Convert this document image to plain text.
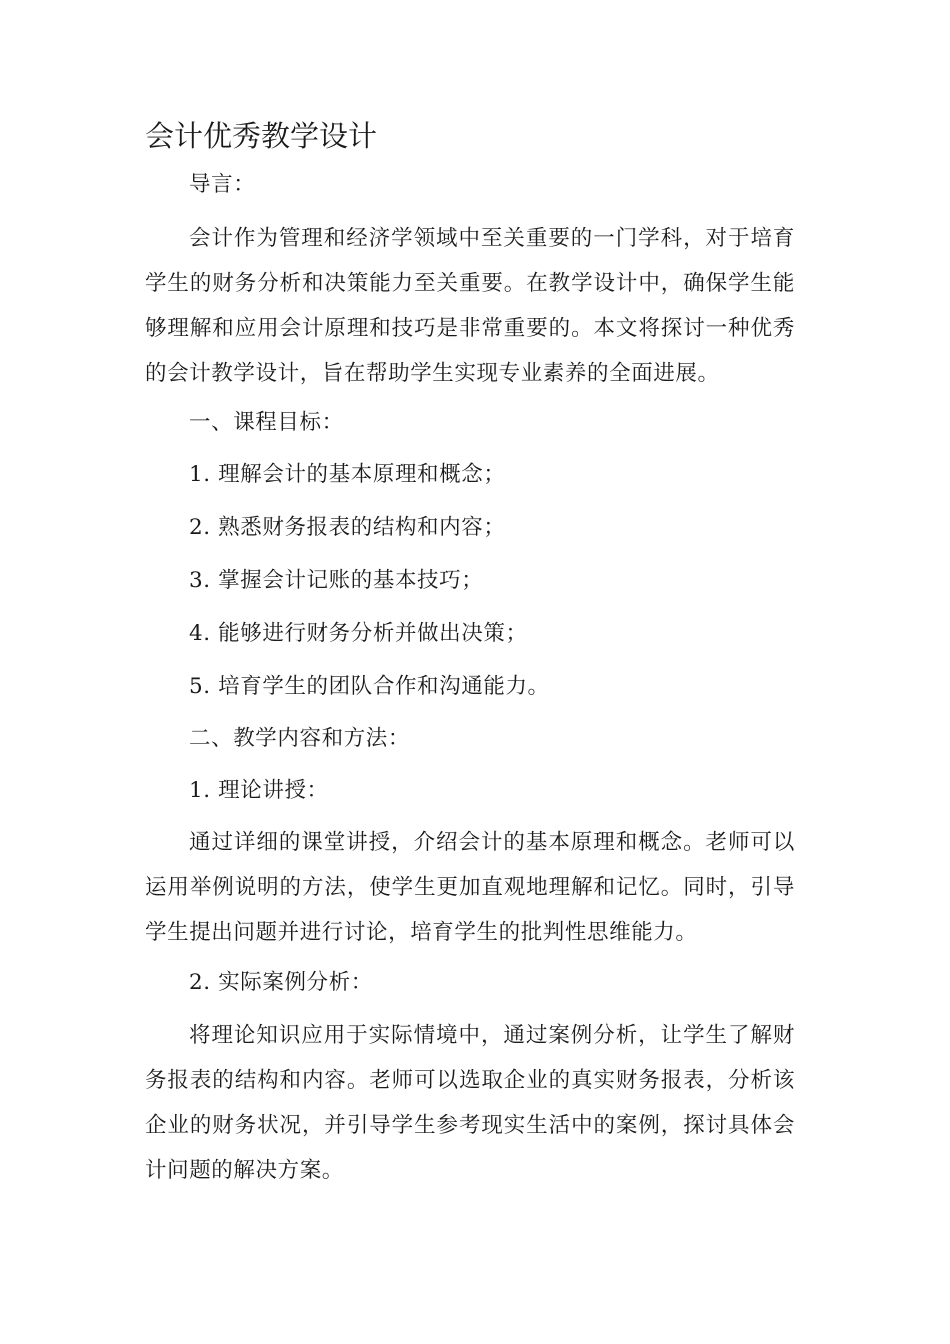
会计优秀教学设计
导言：
会计作为管理和经济学领域中至关重要的一门学科，对于培育学生的财务分析和决策能力至关重要。在教学设计中，确保学生能够理解和应用会计原理和技巧是非常重要的。本文将探讨一种优秀的会计教学设计，旨在帮助学生实现专业素养的全面进展。
一、课程目标：
1. 理解会计的基本原理和概念；
2. 熟悉财务报表的结构和内容；
3. 掌握会计记账的基本技巧；
4. 能够进行财务分析并做出决策；
5. 培育学生的团队合作和沟通能力。
二、教学内容和方法：
1. 理论讲授：
通过详细的课堂讲授，介绍会计的基本原理和概念。老师可以运用举例说明的方法，使学生更加直观地理解和记忆。同时，引导学生提出问题并进行讨论，培育学生的批判性思维能力。
2. 实际案例分析：
将理论知识应用于实际情境中，通过案例分析，让学生了解财务报表的结构和内容。老师可以选取企业的真实财务报表，分析该企业的财务状况，并引导学生参考现实生活中的案例，探讨具体会计问题的解决方案。
